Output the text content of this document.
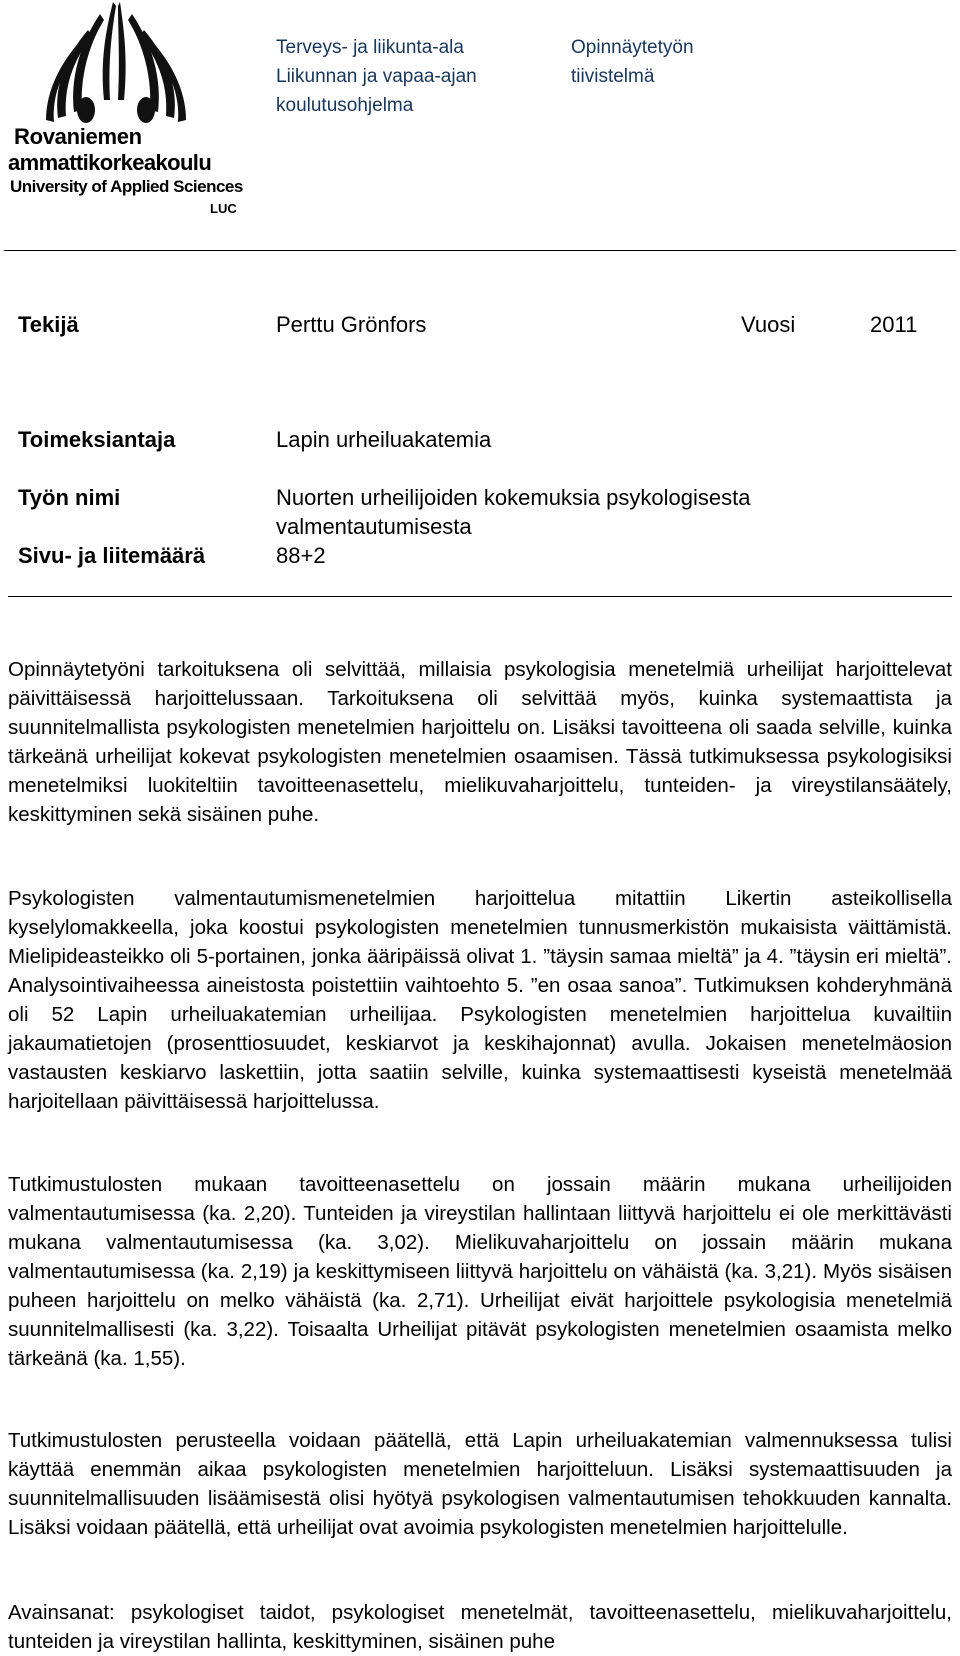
Rovaniemen
ammattikorkeakoulu
University of Applied Sciences
LUC
Terveys- ja liikunta-ala
Liikunnan ja vapaa-ajan
koulutusohjelma
Opinnäytetyön
tiivistelmä
Tekijä	Perttu Grönfors	Vuosi	2011
Toimeksiantaja	Lapin urheiluakatemia
Työn nimi	Nuorten urheilijoiden kokemuksia psykologisesta
valmentautumisesta
Sivu- ja liitemäärä	88+2

Opinnäytetyöni tarkoituksena oli selvittää, millaisia psykologisia menetelmiä urheilijat harjoittelevat päivittäisessä harjoittelussaan. Tarkoituksena oli selvittää myös, kuinka systemaattista ja suunnitelmallista psykologisten menetelmien harjoittelu on. Lisäksi tavoitteena oli saada selville, kuinka tärkeänä urheilijat kokevat psykologisten menetelmien osaamisen. Tässä tutkimuksessa psykologisiksi menetelmiksi luokiteltiin tavoitteenasettelu, mielikuvaharjoittelu, tunteiden- ja vireystilansäätely, keskittyminen sekä sisäinen puhe.

Psykologisten valmentautumismenetelmien harjoittelua mitattiin Likertin asteikollisella kyselylomakkeella, joka koostui psykologisten menetelmien tunnusmerkistön mukaisista väittämistä. Mielipideasteikko oli 5-portainen, jonka ääripäissä olivat 1. ”täysin samaa mieltä” ja 4. ”täysin eri mieltä”. Analysointivaiheessa aineistosta poistettiin vaihtoehto 5. ”en osaa sanoa”. Tutkimuksen kohderyhmänä oli 52 Lapin urheiluakatemian urheilijaa. Psykologisten menetelmien harjoittelua kuvailtiin jakaumatietojen (prosenttiosuudet, keskiarvot ja keskihajonnat) avulla. Jokaisen menetelmäosion vastausten keskiarvo laskettiin, jotta saatiin selville, kuinka systemaattisesti kyseistä menetelmää harjoitellaan päivittäisessä harjoittelussa.

Tutkimustulosten mukaan tavoitteenasettelu on jossain määrin mukana urheilijoiden valmentautumisessa (ka. 2,20). Tunteiden ja vireystilan hallintaan liittyvä harjoittelu ei ole merkittävästi mukana valmentautumisessa (ka. 3,02). Mielikuvaharjoittelu on jossain määrin mukana valmentautumisessa (ka. 2,19) ja keskittymiseen liittyvä harjoittelu on vähäistä (ka. 3,21). Myös sisäisen puheen harjoittelu on melko vähäistä (ka. 2,71). Urheilijat eivät harjoittele psykologisia menetelmiä suunnitelmallisesti (ka. 3,22). Toisaalta Urheilijat pitävät psykologisten menetelmien osaamista melko tärkeänä (ka. 1,55).

Tutkimustulosten perusteella voidaan päätellä, että Lapin urheiluakatemian valmennuksessa tulisi käyttää enemmän aikaa psykologisten menetelmien harjoitteluun. Lisäksi systemaattisuuden ja suunnitelmallisuuden lisäämisestä olisi hyötyä psykologisen valmentautumisen tehokkuuden kannalta. Lisäksi voidaan päätellä, että urheilijat ovat avoimia psykologisten menetelmien harjoittelulle.

Avainsanat: psykologiset taidot, psykologiset menetelmät, tavoitteenasettelu, mielikuvaharjoittelu, tunteiden ja vireystilan hallinta, keskittyminen, sisäinen puhe
